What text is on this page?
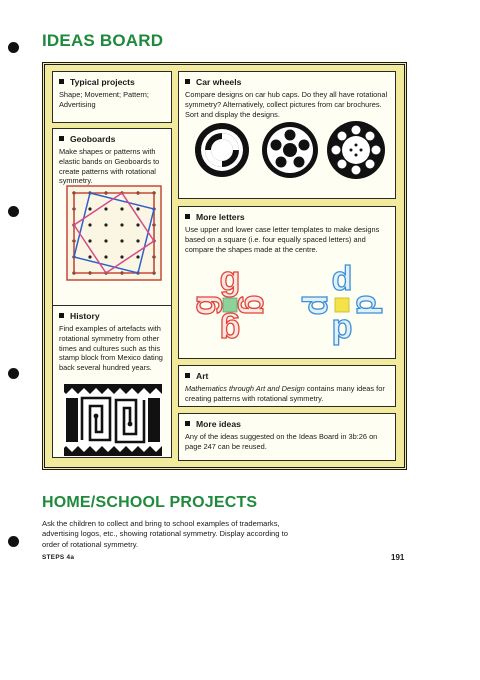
IDEAS BOARD
Typical projects

Shape; Movement; Pattern; Advertising

Geoboards

Make shapes or patterns with elastic bands on Geoboards to create patterns with rotational symmetry.

History

Find examples of artefacts with rotational symmetry from other times and cultures such as this stamp block from Mexico dating back several hundred years.

Car wheels

Compare designs on car hub caps. Do they all have rotational symmetry? Alternatively, collect pictures from car brochures. Sort and display the designs.

More letters

Use upper and lower case letter templates to make designs based on a square (i.e. four equally spaced letters) and compare the shapes made at the centre.

g
g
g
g
d
d
d
d
Art

Mathematics through Art and Design contains many ideas for creating patterns with rotational symmetry.

More ideas

Any of the ideas suggested on the Ideas Board in 3b:26 on page 247 can be reused.

HOME/SCHOOL PROJECTS

Ask the children to collect and bring to school examples of trademarks, advertising logos, etc., showing rotational symmetry. Display according to order of rotational symmetry.

STEPS 4a	191
